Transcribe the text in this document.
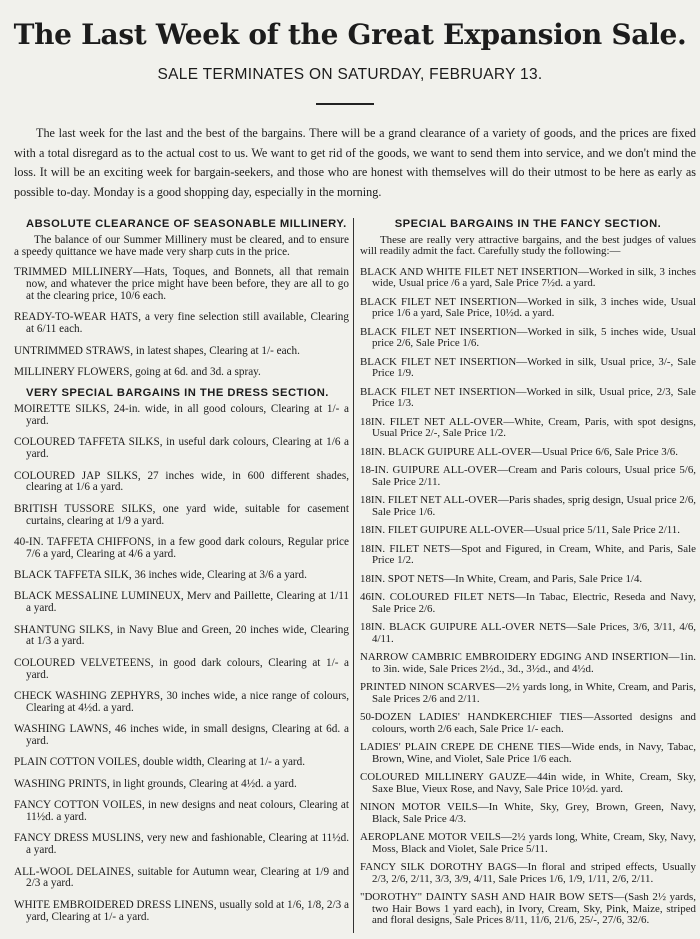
The Last Week of the Great Expansion Sale.
SALE TERMINATES ON SATURDAY, FEBRUARY 13.

The last week for the last and the best of the bargains. There will be a grand clearance of a variety of goods, and the prices are fixed with a total disregard as to the actual cost to us. We want to get rid of the goods, we want to send them into service, and we don't mind the loss. It will be an exciting week for bargain-seekers, and those who are honest with themselves will do their utmost to be here as early as possible to-day. Monday is a good shopping day, especially in the morning.

ABSOLUTE CLEARANCE OF SEASONABLE MILLINERY.

The balance of our Summer Millinery must be cleared, and to ensure a speedy quittance we have made very sharp cuts in the price.

TRIMMED MILLINERY—Hats, Toques, and Bonnets, all that remain now, and whatever the price might have been before, they are all to go at the clearing price, 10/6 each.

READY-TO-WEAR HATS, a very fine selection still available, Clearing at 6/11 each.

UNTRIMMED STRAWS, in latest shapes, Clearing at 1/- each.

MILLINERY FLOWERS, going at 6d. and 3d. a spray.

VERY SPECIAL BARGAINS IN THE DRESS SECTION.

MOIRETTE SILKS, 24-in. wide, in all good colours, Clearing at 1/- a yard.

COLOURED TAFFETA SILKS, in useful dark colours, Clearing at 1/6 a yard.

COLOURED JAP SILKS, 27 inches wide, in 600 different shades, clearing at 1/6 a yard.

BRITISH TUSSORE SILKS, one yard wide, suitable for casement curtains, clearing at 1/9 a yard.

40-IN. TAFFETA CHIFFONS, in a few good dark colours, Regular price 7/6 a yard, Clearing at 4/6 a yard.

BLACK TAFFETA SILK, 36 inches wide, Clearing at 3/6 a yard.

BLACK MESSALINE LUMINEUX, Merv and Paillette, Clearing at 1/11 a yard.

SHANTUNG SILKS, in Navy Blue and Green, 20 inches wide, Clearing at 1/3 a yard.

COLOURED VELVETEENS, in good dark colours, Clearing at 1/- a yard.

CHECK WASHING ZEPHYRS, 30 inches wide, a nice range of colours, Clearing at 4½d. a yard.

WASHING LAWNS, 46 inches wide, in small designs, Clearing at 6d. a yard.

PLAIN COTTON VOILES, double width, Clearing at 1/- a yard.

WASHING PRINTS, in light grounds, Clearing at 4½d. a yard.

FANCY COTTON VOILES, in new designs and neat colours, Clearing at 11½d. a yard.

FANCY DRESS MUSLINS, very new and fashionable, Clearing at 11½d. a yard.

ALL-WOOL DELAINES, suitable for Autumn wear, Clearing at 1/9 and 2/3 a yard.

WHITE EMBROIDERED DRESS LINENS, usually sold at 1/6, 1/8, 2/3 a yard, Clearing at 1/- a yard.

SPECIAL BARGAINS IN THE FANCY SECTION.

These are really very attractive bargains, and the best judges of values will readily admit the fact. Carefully study the following:—

BLACK AND WHITE FILET NET INSERTION—Worked in silk, 3 inches wide, Usual price /6 a yard, Sale Price 7½d. a yard.

BLACK FILET NET INSERTION—Worked in silk, 3 inches wide, Usual price 1/6 a yard, Sale Price, 10½d. a yard.

BLACK FILET NET INSERTION—Worked in silk, 5 inches wide, Usual price 2/6, Sale Price 1/6.

BLACK FILET NET INSERTION—Worked in silk, Usual price, 3/-, Sale Price 1/9.

BLACK FILET NET INSERTION—Worked in silk, Usual price, 2/3, Sale Price 1/3.

18IN. FILET NET ALL-OVER—White, Cream, Paris, with spot designs, Usual Price 2/-, Sale Price 1/2.

18IN. BLACK GUIPURE ALL-OVER—Usual Price 6/6, Sale Price 3/6.

18-IN. GUIPURE ALL-OVER—Cream and Paris colours, Usual price 5/6, Sale Price 2/11.

18IN. FILET NET ALL-OVER—Paris shades, sprig design, Usual price 2/6, Sale Price 1/6.

18IN. FILET GUIPURE ALL-OVER—Usual price 5/11, Sale Price 2/11.

18IN. FILET NETS—Spot and Figured, in Cream, White, and Paris, Sale Price 1/2.

18IN. SPOT NETS—In White, Cream, and Paris, Sale Price 1/4.

46IN. COLOURED FILET NETS—In Tabac, Electric, Reseda and Navy, Sale Price 2/6.

18IN. BLACK GUIPURE ALL-OVER NETS—Sale Prices, 3/6, 3/11, 4/6, 4/11.

NARROW CAMBRIC EMBROIDERY EDGING AND INSERTION—1in. to 3in. wide, Sale Prices 2½d., 3d., 3½d., and 4½d.

PRINTED NINON SCARVES—2½ yards long, in White, Cream, and Paris, Sale Prices 2/6 and 2/11.

50-DOZEN LADIES' HANDKERCHIEF TIES—Assorted designs and colours, worth 2/6 each, Sale Price 1/- each.

LADIES' PLAIN CREPE DE CHENE TIES—Wide ends, in Navy, Tabac, Brown, Wine, and Violet, Sale Price 1/6 each.

COLOURED MILLINERY GAUZE—44in wide, in White, Cream, Sky, Saxe Blue, Vieux Rose, and Navy, Sale Price 10½d. yard.

NINON MOTOR VEILS—In White, Sky, Grey, Brown, Green, Navy, Black, Sale Price 4/3.

AEROPLANE MOTOR VEILS—2½ yards long, White, Cream, Sky, Navy, Moss, Black and Violet, Sale Price 5/11.

FANCY SILK DOROTHY BAGS—In floral and striped effects, Usually 2/3, 2/6, 2/11, 3/3, 3/9, 4/11, Sale Prices 1/6, 1/9, 1/11, 2/6, 2/11.

"DOROTHY" DAINTY SASH AND HAIR BOW SETS—(Sash 2½ yards, two Hair Bows 1 yard each), in Ivory, Cream, Sky, Pink, Maize, striped and floral designs, Sale Prices 8/11, 11/6, 21/6, 25/-, 27/6, 32/6.
